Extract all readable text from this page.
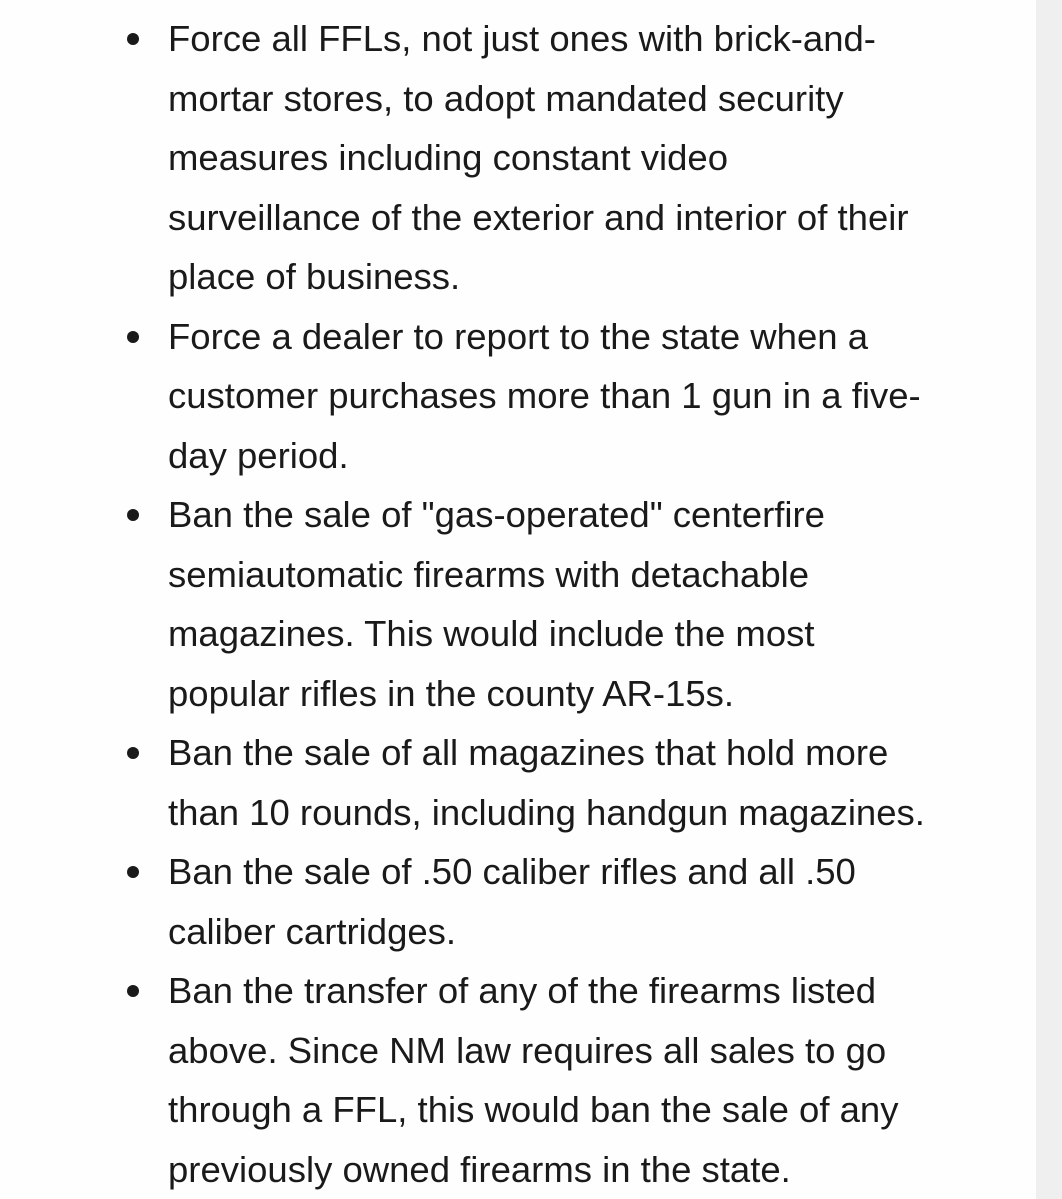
Force all FFLs, not just ones with brick-and-
mortar stores, to adopt mandated security
measures including constant video
surveillance of the exterior and interior of their
place of business.
Force a dealer to report to the state when a
customer purchases more than 1 gun in a five-
day period.
Ban the sale of "gas-operated" centerfire
semiautomatic firearms with detachable
magazines. This would include the most
popular rifles in the county AR-15s.
Ban the sale of all magazines that hold more
than 10 rounds, including handgun magazines.
Ban the sale of .50 caliber rifles and all .50
caliber cartridges.
Ban the transfer of any of the firearms listed
above. Since NM law requires all sales to go
through a FFL, this would ban the sale of any
previously owned firearms in the state.
